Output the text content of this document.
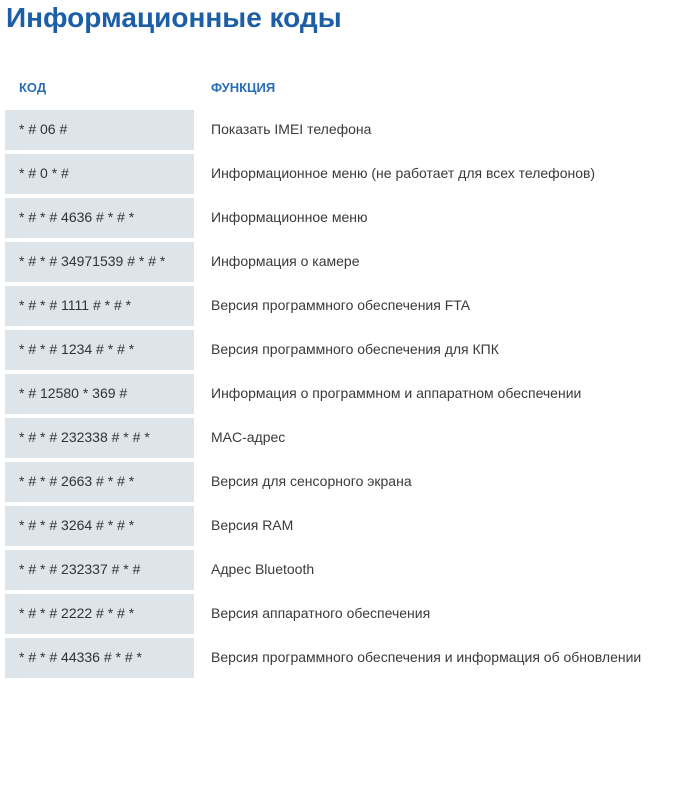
Информационные коды
КОД	ФУНКЦИЯ
* # 06 #	Показать IMEI телефона
* # 0 * #	Информационное меню (не работает для всех телефонов)
* # * # 4636 # * # *	Информационное меню
* # * # 34971539 # * # *	Информация о камере
* # * # 1111 # * # *	Версия программного обеспечения FTA
* # * # 1234 # * # *	Версия программного обеспечения для КПК
* # 12580 * 369 #	Информация о программном и аппаратном обеспечении
* # * # 232338 # * # *	MAC-адрес
* # * # 2663 # * # *	Версия для сенсорного экрана
* # * # 3264 # * # *	Версия RAM
* # * # 232337 # * #	Адрес Bluetooth
* # * # 2222 # * # *	Версия аппаратного обеспечения
* # * # 44336 # * # *	Версия программного обеспечения и информация об обновлении
